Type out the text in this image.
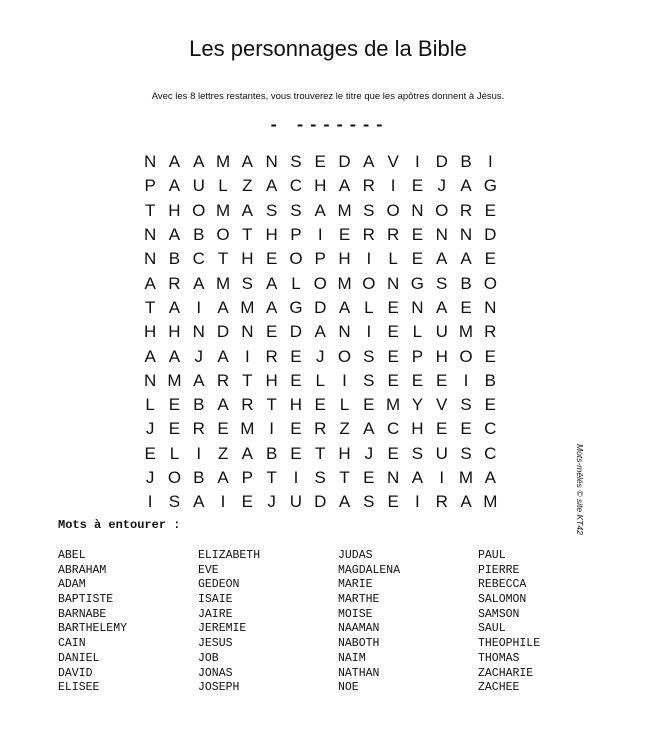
Les personnages de la Bible
Avec les 8 lettres restantes, vous trouverez le titre que les apôtres donnent à Jésus.
- -------
N A A M A N S E D A V I D B I
P A U L Z A C H A R I E J A G
T H O M A S S A M S O N O R E
N A B O T H P I E R R E N N D
N B C T H E O P H I	L E A A E
A R A M S A L O M O N G S B O
T A I A M A G D A L E N A E N
H H N D N E D A N I E L U M R
A A J A I R E J O S E P H O E
N M A R T H E L	I S E E E I B
L E B A R T H E L E M Y V S E
J E R E M I E R Z A C H E E C
E L	I Z A B E T H J E S U S C
J O B A P T I S T E N A I M A
I S A I E J U D A S E I R A M	Mots-mêlés © site KT42
Mots à entourer :
ABEL
ABRAHAM
ADAM
BAPTISTE
BARNABE
BARTHELEMY
CAIN
DANIEL
DAVID
ELISEE
ELIZABETH
EVE
GEDEON
ISAIE
JAIRE
JEREMIE
JESUS
JOB
JONAS
JOSEPH
JUDAS
MAGDALENA
MARIE
MARTHE
MOISE
NAAMAN
NABOTH
NAIM
NATHAN
NOE
PAUL
PIERRE
REBECCA
SALOMON
SAMSON
SAUL
THEOPHILE
THOMAS
ZACHARIE
ZACHEE
